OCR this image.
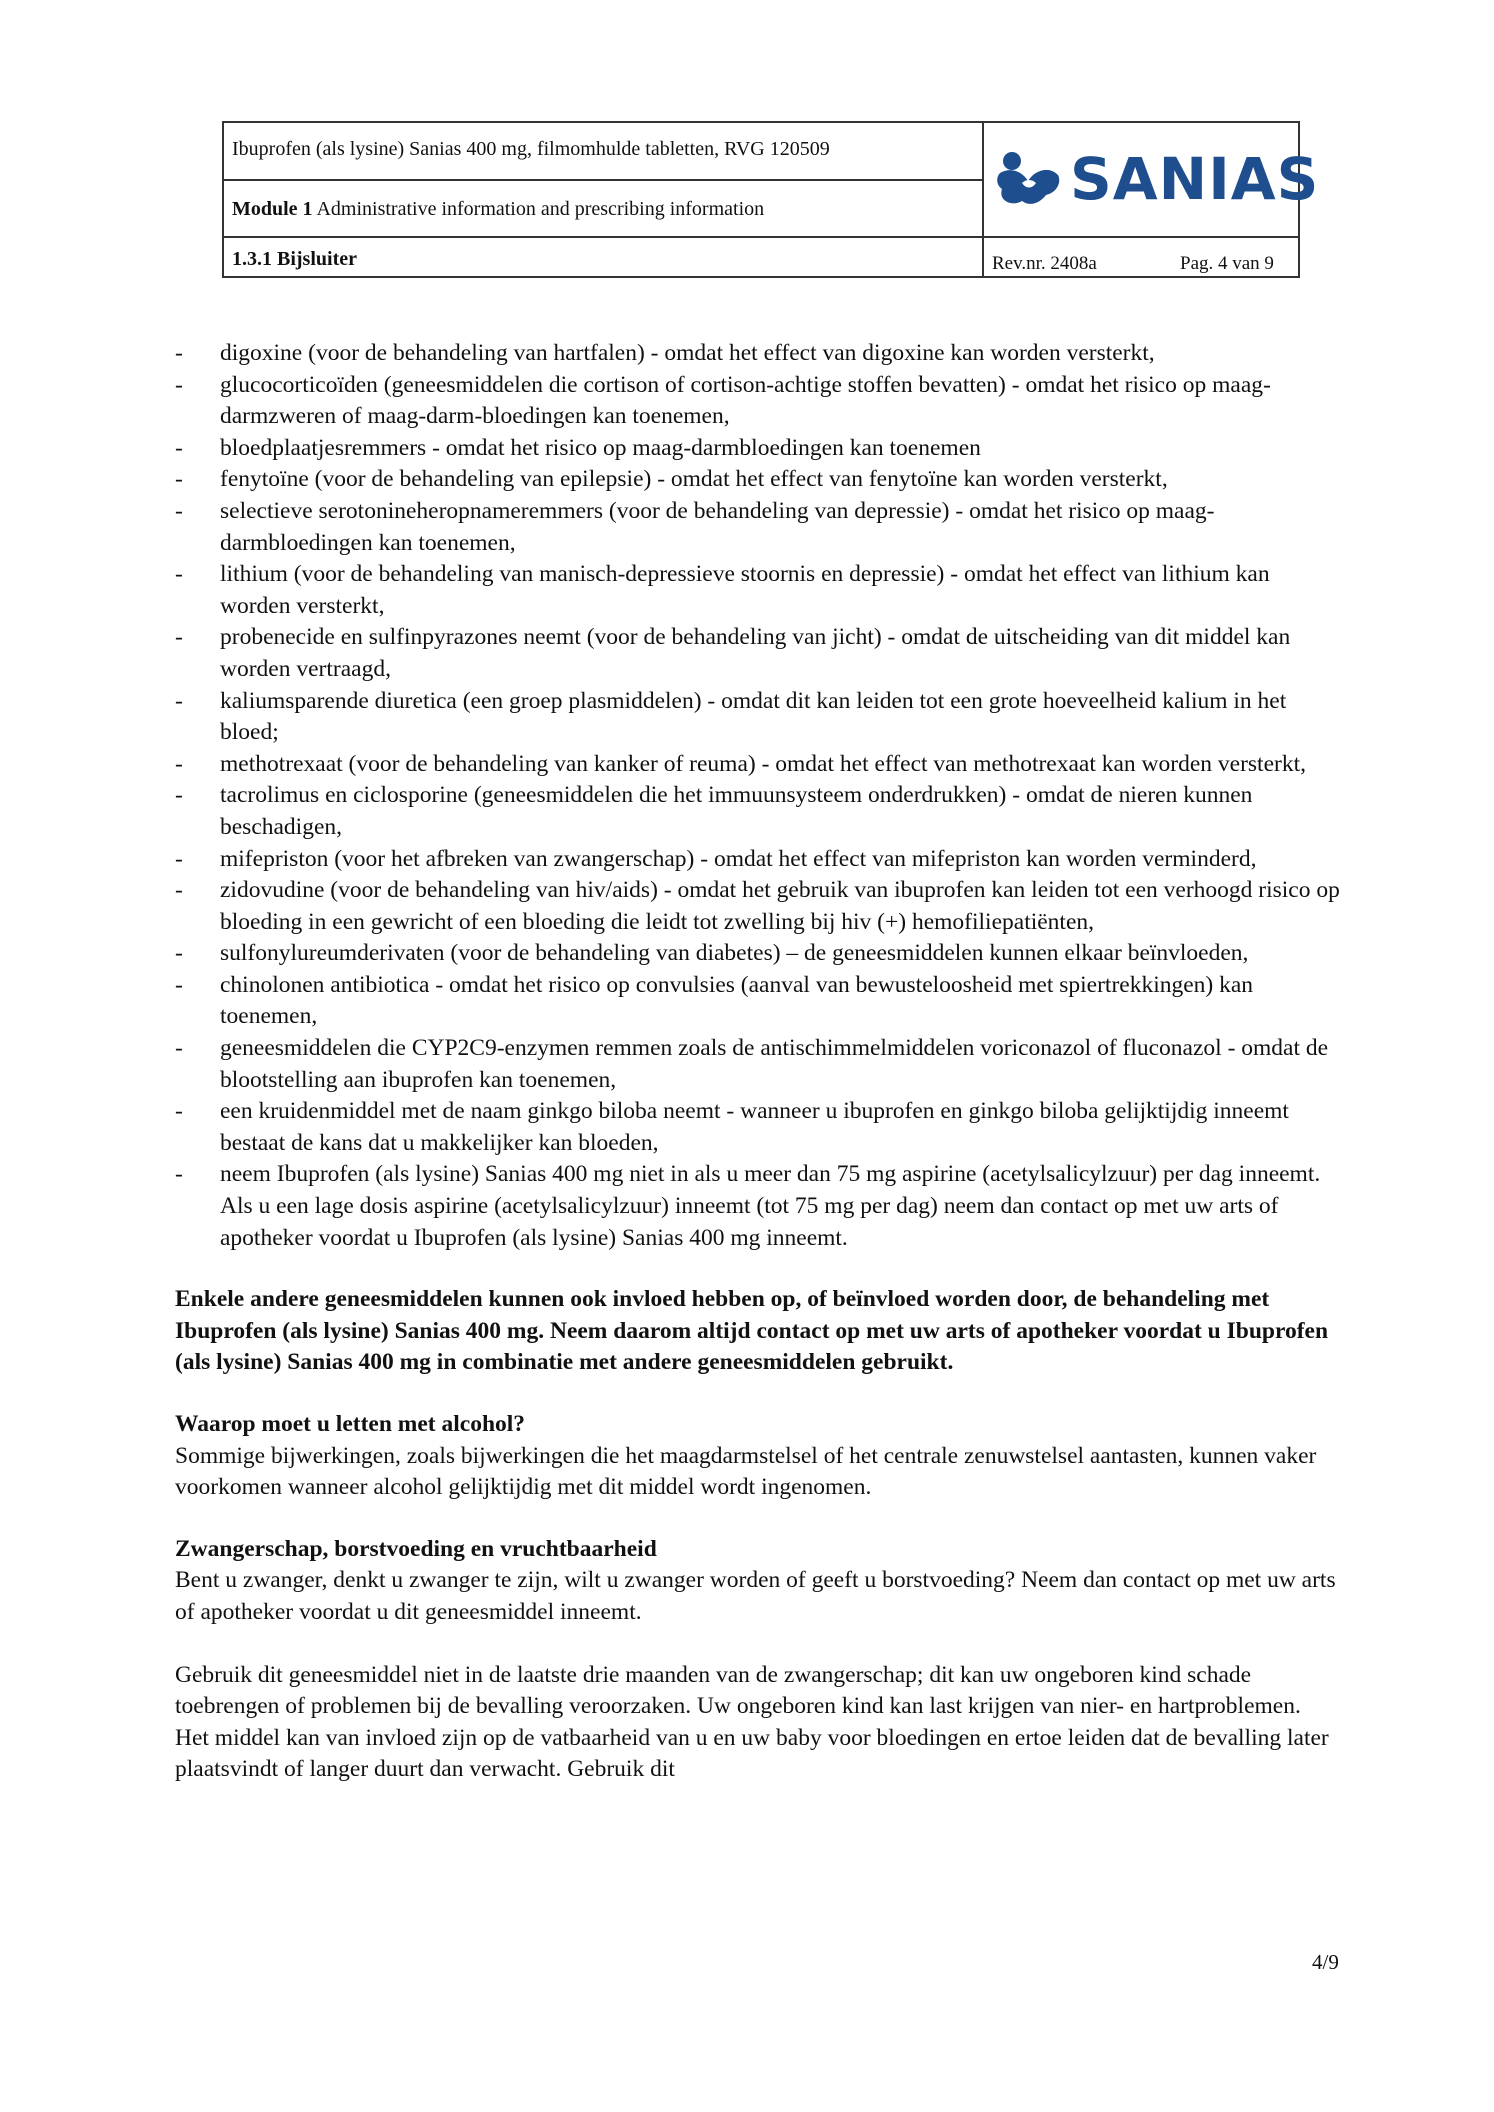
Ibuprofen (als lysine) Sanias 400 mg, filmomhulde tabletten, RVG 120509
Module 1 Administrative information and prescribing information
1.3.1 Bijsluiter
SANIAS
Rev.nr. 2408a	Pag. 4 van 9
- digoxine (voor de behandeling van hartfalen) - omdat het effect van digoxine kan worden versterkt,
- glucocorticoïden (geneesmiddelen die cortison of cortison-achtige stoffen bevatten) - omdat het risico op maag-darmzweren of maag-darm-bloedingen kan toenemen,
- bloedplaatjesremmers - omdat het risico op maag-darmbloedingen kan toenemen
- fenytoïne (voor de behandeling van epilepsie) - omdat het effect van fenytoïne kan worden versterkt,
- selectieve serotonineheropnameremmers (voor de behandeling van depressie) - omdat het risico op maag-darmbloedingen kan toenemen,
- lithium (voor de behandeling van manisch-depressieve stoornis en depressie) - omdat het effect van lithium kan worden versterkt,
- probenecide en sulfinpyrazones neemt (voor de behandeling van jicht) - omdat de uitscheiding van dit middel kan worden vertraagd,
- kaliumsparende diuretica (een groep plasmiddelen) - omdat dit kan leiden tot een grote hoeveelheid kalium in het bloed;
- methotrexaat (voor de behandeling van kanker of reuma) - omdat het effect van methotrexaat kan worden versterkt,
- tacrolimus en ciclosporine (geneesmiddelen die het immuunsysteem onderdrukken) - omdat de nieren kunnen beschadigen,
- mifepriston (voor het afbreken van zwangerschap) - omdat het effect van mifepriston kan worden verminderd,
- zidovudine (voor de behandeling van hiv/aids) - omdat het gebruik van ibuprofen kan leiden tot een verhoogd risico op bloeding in een gewricht of een bloeding die leidt tot zwelling bij hiv (+) hemofiliepatiënten,
- sulfonylureumderivaten (voor de behandeling van diabetes) – de geneesmiddelen kunnen elkaar beïnvloeden,
- chinolonen antibiotica - omdat het risico op convulsies (aanval van bewusteloosheid met spiertrekkingen) kan toenemen,
- geneesmiddelen die CYP2C9-enzymen remmen zoals de antischimmelmiddelen voriconazol of fluconazol - omdat de blootstelling aan ibuprofen kan toenemen,
- een kruidenmiddel met de naam ginkgo biloba neemt - wanneer u ibuprofen en ginkgo biloba gelijktijdig inneemt bestaat de kans dat u makkelijker kan bloeden,
- neem Ibuprofen (als lysine) Sanias 400 mg niet in als u meer dan 75 mg aspirine (acetylsalicylzuur) per dag inneemt. Als u een lage dosis aspirine (acetylsalicylzuur) inneemt (tot 75 mg per dag) neem dan contact op met uw arts of apotheker voordat u Ibuprofen (als lysine) Sanias 400 mg inneemt.

Enkele andere geneesmiddelen kunnen ook invloed hebben op, of beïnvloed worden door, de behandeling met Ibuprofen (als lysine) Sanias 400 mg. Neem daarom altijd contact op met uw arts of apotheker voordat u Ibuprofen (als lysine) Sanias 400 mg in combinatie met andere geneesmiddelen gebruikt.

Waarop moet u letten met alcohol?

Sommige bijwerkingen, zoals bijwerkingen die het maagdarmstelsel of het centrale zenuwstelsel aantasten, kunnen vaker voorkomen wanneer alcohol gelijktijdig met dit middel wordt ingenomen.

Zwangerschap, borstvoeding en vruchtbaarheid

Bent u zwanger, denkt u zwanger te zijn, wilt u zwanger worden of geeft u borstvoeding? Neem dan contact op met uw arts of apotheker voordat u dit geneesmiddel inneemt.

Gebruik dit geneesmiddel niet in de laatste drie maanden van de zwangerschap; dit kan uw ongeboren kind schade toebrengen of problemen bij de bevalling veroorzaken. Uw ongeboren kind kan last krijgen van nier- en hartproblemen. Het middel kan van invloed zijn op de vatbaarheid van u en uw baby voor bloedingen en ertoe leiden dat de bevalling later plaatsvindt of langer duurt dan verwacht. Gebruik dit

4/9
